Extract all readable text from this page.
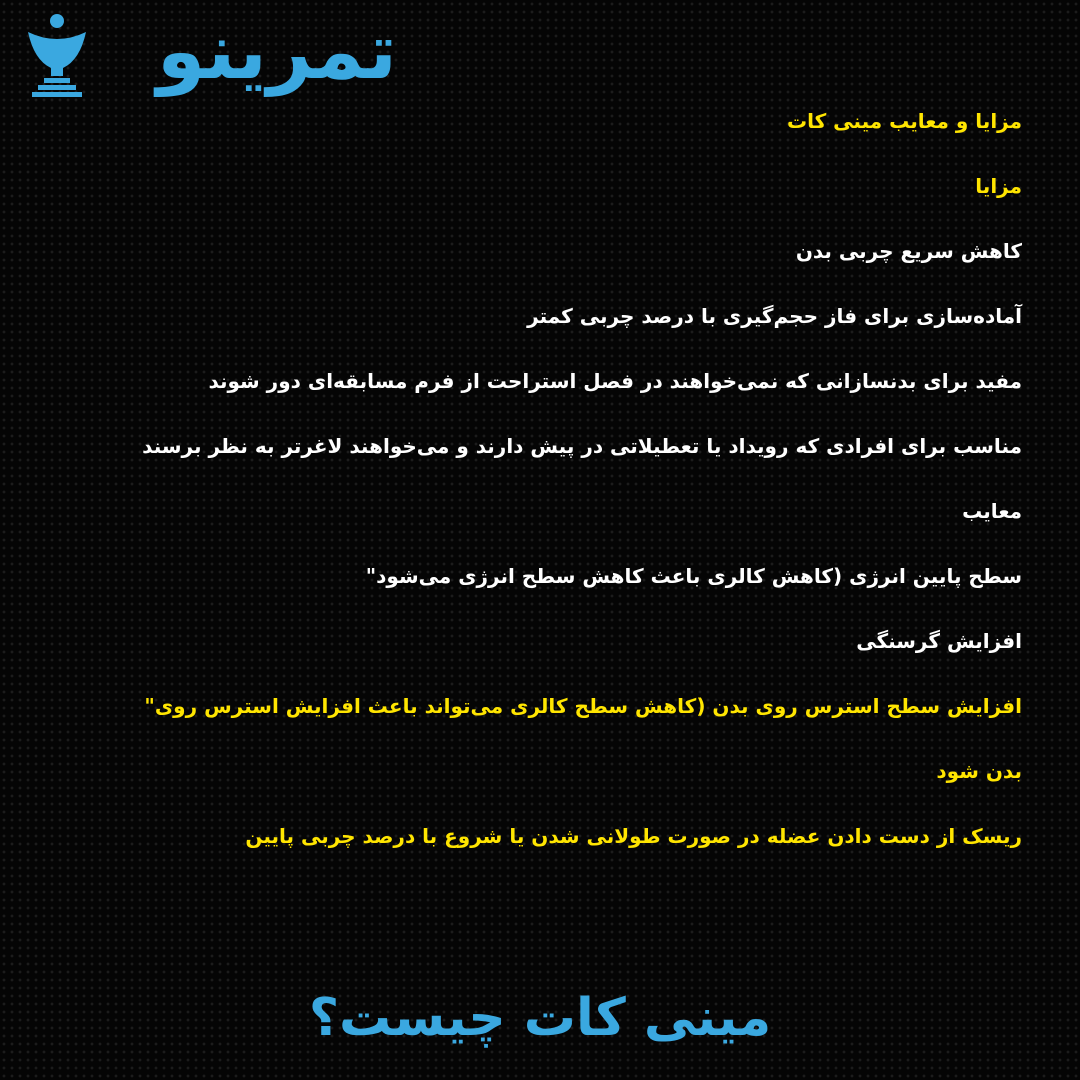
تمرینو
مزایا و معایب مینی کات
مزایا
کاهش سریع چربی بدن
آماده‌سازی برای فاز حجم‌گیری با درصد چربی کمتر
مفید برای بدنسازانی که نمی‌خواهند در فصل استراحت از فرم مسابقه‌ای دور شوند
مناسب برای افرادی که رویداد یا تعطیلاتی در پیش دارند و می‌خواهند لاغرتر به نظر برسند
معایب
سطح پایین انرژی (کاهش کالری باعث کاهش سطح انرژی می‌شود"
افزایش گرسنگی
افزایش سطح استرس روی بدن (کاهش سطح کالری می‌تواند باعث افزایش استرس روی"
بدن شود
ریسک از دست دادن عضله در صورت طولانی شدن یا شروع با درصد چربی پایین
مینی کات چیست؟
